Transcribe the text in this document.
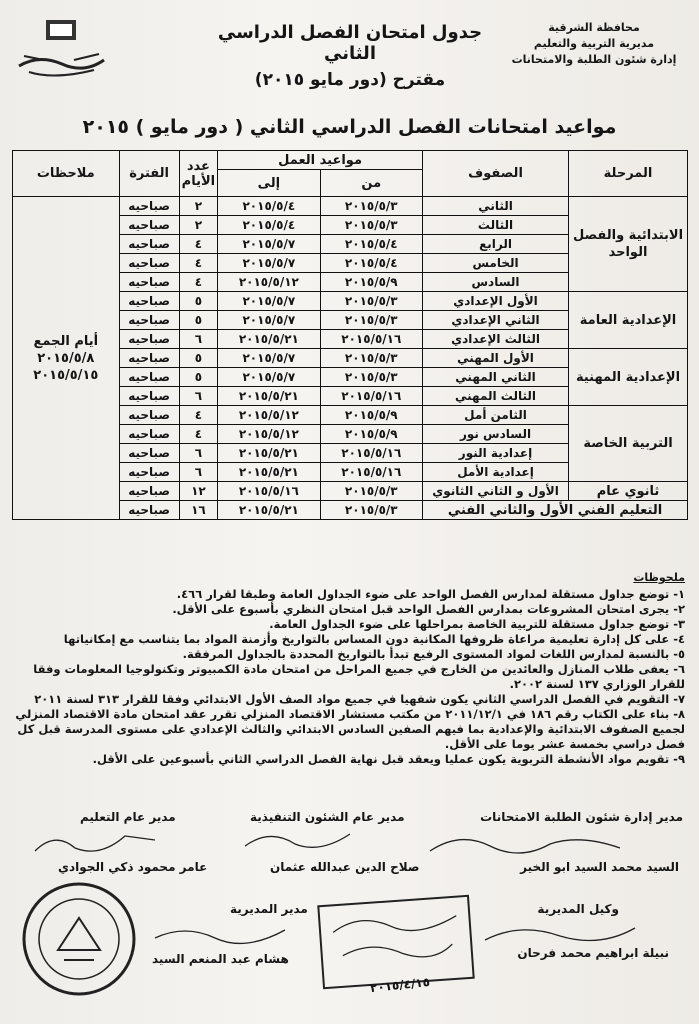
محافظة الشرقية
مديرية التربية والتعليم
إدارة شئون الطلبة والامتحانات
جدول امتحان الفصل الدراسي الثاني
مقترح (دور مايو ٢٠١٥)
مواعيد امتحانات الفصل الدراسي الثاني ( دور مايو ) ٢٠١٥
المرحلة	الصفوف	مواعيد العمل		عدد الأيام	الفترة	ملاحظات
		من	إلى			
الابتدائية والفصل الواحد	الثاني	٢٠١٥/٥/٣	٢٠١٥/٥/٤	٢	صباحيه	أيام الجمع
٢٠١٥/٥/٨
٢٠١٥/٥/١٥

	الثالث	٢٠١٥/٥/٣	٢٠١٥/٥/٤	٢	صباحيه	
	الرابع	٢٠١٥/٥/٤	٢٠١٥/٥/٧	٤	صباحيه	
	الخامس	٢٠١٥/٥/٤	٢٠١٥/٥/٧	٤	صباحيه	
	السادس	٢٠١٥/٥/٩	٢٠١٥/٥/١٢	٤	صباحيه	
الإعدادية العامة	الأول الإعدادي	٢٠١٥/٥/٣	٢٠١٥/٥/٧	٥	صباحيه	
	الثاني الإعدادي	٢٠١٥/٥/٣	٢٠١٥/٥/٧	٥	صباحيه	
	الثالث الإعدادي	٢٠١٥/٥/١٦	٢٠١٥/٥/٢١	٦	صباحيه	
الإعدادية المهنية	الأول المهني	٢٠١٥/٥/٣	٢٠١٥/٥/٧	٥	صباحيه	
	الثاني المهني	٢٠١٥/٥/٣	٢٠١٥/٥/٧	٥	صباحيه	
	الثالث المهني	٢٠١٥/٥/١٦	٢٠١٥/٥/٢١	٦	صباحيه	
التربية الخاصة	الثامن أمل	٢٠١٥/٥/٩	٢٠١٥/٥/١٢	٤	صباحيه	
	السادس نور	٢٠١٥/٥/٩	٢٠١٥/٥/١٢	٤	صباحيه	
	إعدادية النور	٢٠١٥/٥/١٦	٢٠١٥/٥/٢١	٦	صباحيه	
	إعدادية الأمل	٢٠١٥/٥/١٦	٢٠١٥/٥/٢١	٦	صباحيه	
ثانوي عام	الأول و الثاني الثانوي	٢٠١٥/٥/٣	٢٠١٥/٥/١٦	١٢	صباحيه	
التعليم الفني الأول والثاني الفني		٢٠١٥/٥/٣	٢٠١٥/٥/٢١	١٦	صباحيه	
ملحوظات

١- توضع جداول مستقلة لمدارس الفصل الواحد على ضوء الجداول العامة وطبقا لقرار ٤٦٦.

٢- يجرى امتحان المشروعات بمدارس الفصل الواحد قبل امتحان النظري بأسبوع على الأقل.

٣- توضع جداول مستقلة للتربية الخاصة بمراحلها على ضوء الجداول العامة.

٤- على كل إدارة تعليمية مراعاة ظروفها المكانية دون المساس بالتواريخ وأزمنة المواد بما يتناسب مع إمكانياتها

٥- بالنسبة لمدارس اللغات لمواد المستوى الرفيع تبدأ بالتواريخ المحددة بالجداول المرفقة.

٦- يعفى طلاب المنازل والعائدين من الخارج في جميع المراحل من امتحان مادة الكمبيوتر وتكنولوجيا المعلومات وفقا للقرار الوزاري ١٣٧ لسنة ٢٠٠٢.

٧- التقويم في الفصل الدراسي الثاني يكون شفهيا في جميع مواد الصف الأول الابتدائي وفقا للقرار ٣١٣ لسنة ٢٠١١

٨- بناء على الكتاب رقم ١٨٦ في ٢٠١١/١٢/١ من مكتب مستشار الاقتصاد المنزلي تقرر عقد امتحان مادة الاقتصاد المنزلي لجميع الصفوف الابتدائية والإعدادية بما فيهم الصفين السادس الابتدائي والثالث الإعدادي على مستوى المدرسة قبل كل فصل دراسي بخمسة عشر يوما على الأقل.

٩- تقويم مواد الأنشطة التربوية يكون عمليا ويعقد قبل نهاية الفصل الدراسي الثاني بأسبوعين على الأقل.

مدير إدارة شئون الطلبة الامتحانات
مدير عام الشئون التنفيذية
مدير عام التعليم
السيد محمد السيد ابو الخير
صلاح الدين عبدالله عثمان
عامر محمود ذكي الجوادي
وكيل المديرية
مدير المديرية
٢٠١٥/٤/١٥
نبيلة ابراهيم محمد فرحان
هشام عبد المنعم السيد
